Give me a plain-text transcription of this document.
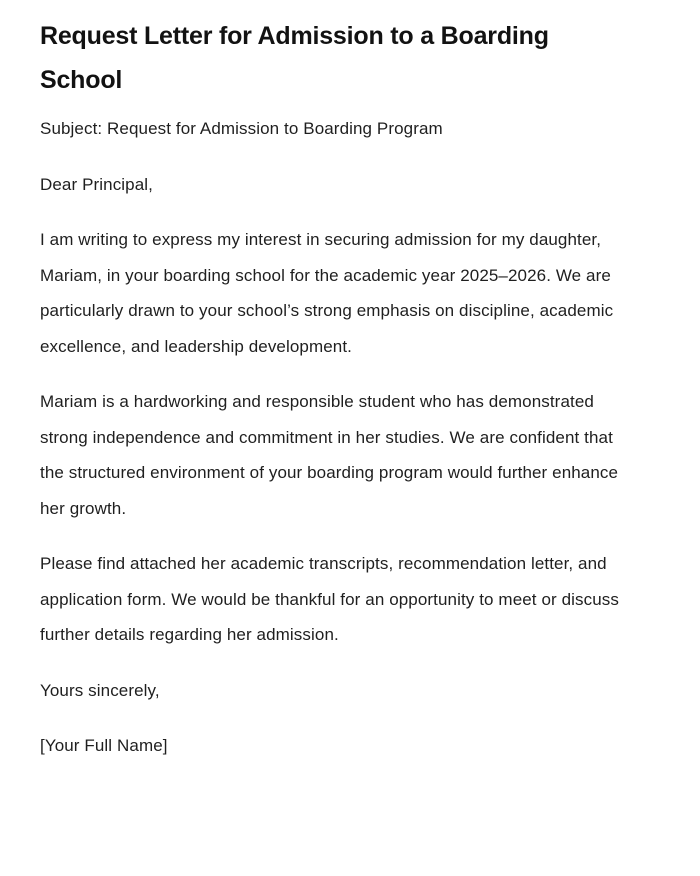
Request Letter for Admission to a Boarding School

Subject: Request for Admission to Boarding Program

Dear Principal,

I am writing to express my interest in securing admission for my daughter, Mariam, in your boarding school for the academic year 2025–2026. We are particularly drawn to your school’s strong emphasis on discipline, academic excellence, and leadership development.

Mariam is a hardworking and responsible student who has demonstrated strong independence and commitment in her studies. We are confident that the structured environment of your boarding program would further enhance her growth.

Please find attached her academic transcripts, recommendation letter, and application form. We would be thankful for an opportunity to meet or discuss further details regarding her admission.

Yours sincerely,

[Your Full Name]
